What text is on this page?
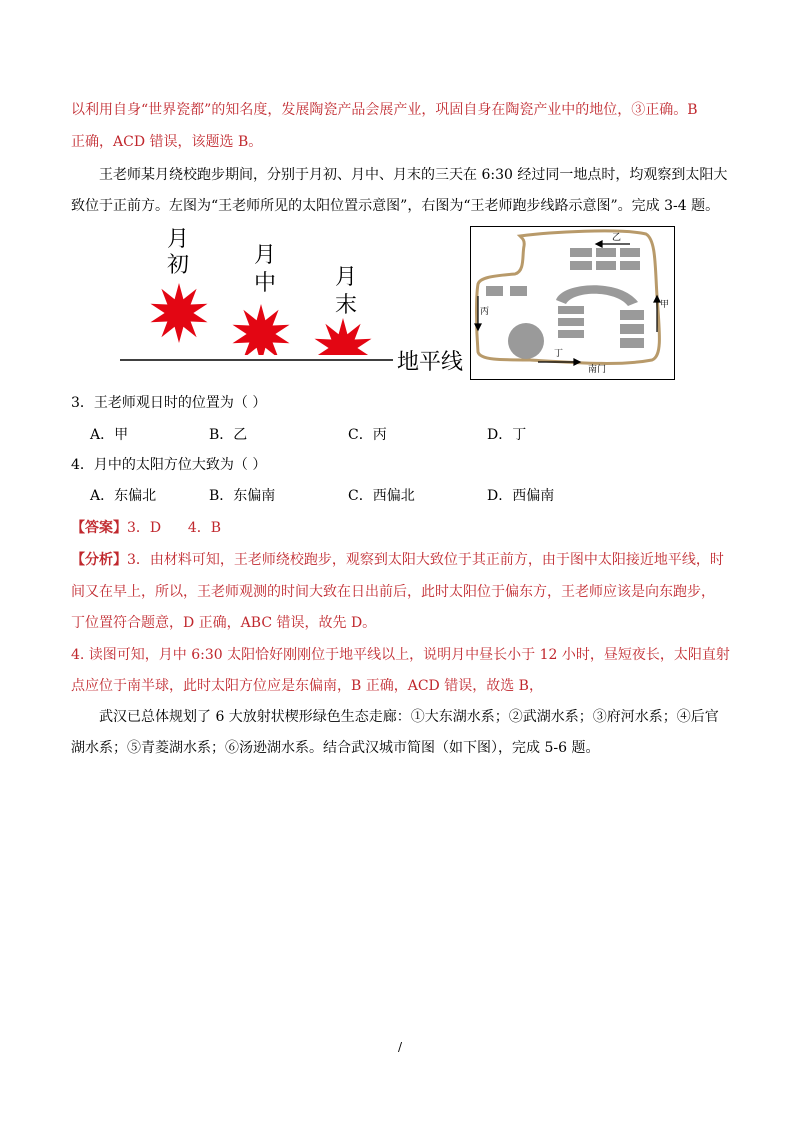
以利用自身“世界瓷都”的知名度，发展陶瓷产品会展产业，巩固自身在陶瓷产业中的地位，③正确。B
正确，ACD 错误，该题选 B。
王老师某月绕校跑步期间，分别于月初、月中、月末的三天在 6:30 经过同一地点时，均观察到太阳大
致位于正前方。左图为“王老师所见的太阳位置示意图”，右图为“王老师跑步线路示意图”。完成 3-4 题。
月
初	月
中	月
末
地平线
乙
甲
丙
丁
南门
3．王老师观日时的位置为（ ）
A．甲	B．乙	C．丙	D．丁
4．月中的太阳方位大致为（ ）
A．东偏北	B．东偏南	C．西偏北	D．西偏南
【答案】3．D      4．B
【分析】3．由材料可知，王老师绕校跑步，观察到太阳大致位于其正前方，由于图中太阳接近地平线，时
间又在早上，所以，王老师观测的时间大致在日出前后，此时太阳位于偏东方，王老师应该是向东跑步，
丁位置符合题意，D 正确，ABC 错误，故先 D。
4. 读图可知，月中 6:30 太阳恰好刚刚位于地平线以上，说明月中昼长小于 12 小时，昼短夜长，太阳直射
点应位于南半球，此时太阳方位应是东偏南，B 正确，ACD 错误，故选 B，
武汉已总体规划了 6 大放射状楔形绿色生态走廊：①大东湖水系；②武湖水系；③府河水系；④后官
湖水系；⑤青菱湖水系；⑥汤逊湖水系。结合武汉城市简图（如下图），完成 5-6 题。
/
